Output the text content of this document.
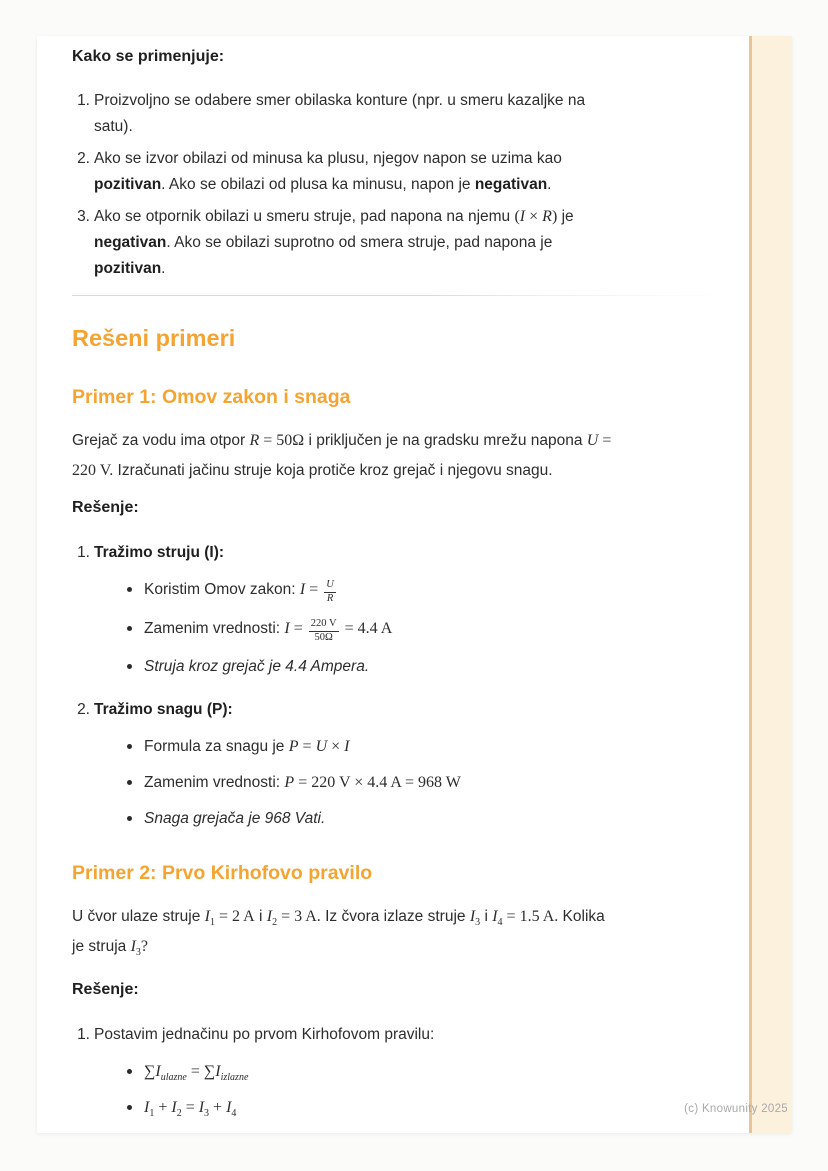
Kako se primenjuje:
1. Proizvoljno se odabere smer obilaska konture (npr. u smeru kazaljke na
satu).
2. Ako se izvor obilazi od minusa ka plusu, njegov napon se uzima kao
pozitivan. Ako se obilazi od plusa ka minusu, napon je negativan.
3. Ako se otpornik obilazi u smeru struje, pad napona na njemu (I × R) je
negativan. Ako se obilazi suprotno od smera struje, pad napona je
pozitivan.
Rešeni primeri
Primer 1: Omov zakon i snaga

Grejač za vodu ima otpor R = 50Ω i priključen je na gradsku mrežu napona U =
220 V. Izračunati jačinu struje koja protiče kroz grejač i njegovu snagu.

Rešenje:
1. Tražimo struju (I):
Koristim Omov zakon: $I = \frac{U}{R}$
Zamenim vrednosti: $I = \frac{220 V}{50\Omega} = 4.4$ A
Struja kroz grejač je 4.4 Ampera.
2. Tražimo snagu (P):
Formula za snagu je P = U × I
Zamenim vrednosti: P = 220 V × 4.4 A = 968 W
Snaga grejača je 968 Vati.
Primer 2: Prvo Kirhofovo pravilo

U čvor ulaze struje $I_1 = 2$ A i $I_2 = 3$ A. Iz čvora izlaze struje $I_3$ i $I_4 = 1.5$ A. Kolika
je struja $I_3$?

Rešenje:
1. Postavim jednačinu po prvom Kirhofovom pravilu:
$\sum I_{ulazne} = \sum I_{izlazne}$
$I_1 + I_2 = I_3 + I_4$	(c) Knowunity 2025
